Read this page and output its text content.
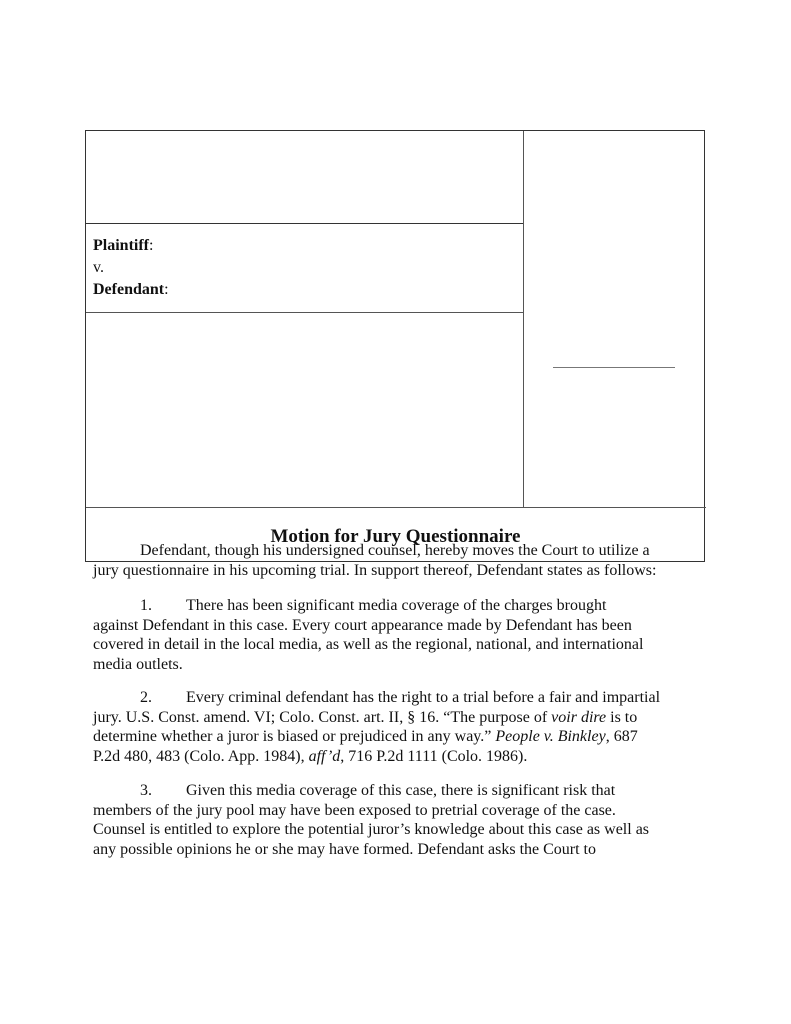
Plaintiff:
v.
Defendant:
Motion for Jury Questionnaire

Defendant, though his undersigned counsel, hereby moves the Court to utilize a

jury questionnaire in his upcoming trial. In support thereof, Defendant states as follows:

1. There has been significant media coverage of the charges brought

against Defendant in this case. Every court appearance made by Defendant has been

covered in detail in the local media, as well as the regional, national, and international

media outlets.

2. Every criminal defendant has the right to a trial before a fair and impartial

jury. U.S. Const. amend. VI; Colo. Const. art. II, § 16. “The purpose of voir dire is to

determine whether a juror is biased or prejudiced in any way.” People v. Binkley, 687

P.2d 480, 483 (Colo. App. 1984), aff’d, 716 P.2d 1111 (Colo. 1986).

3. Given this media coverage of this case, there is significant risk that

members of the jury pool may have been exposed to pretrial coverage of the case.

Counsel is entitled to explore the potential juror’s knowledge about this case as well as

any possible opinions he or she may have formed. Defendant asks the Court to
